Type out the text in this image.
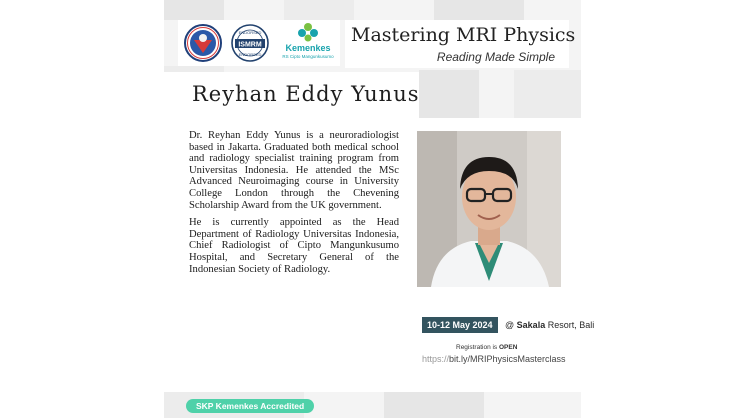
ISMRM
ENDORSED
ENDORSED
Kemenkes
RS Cipto Mangunkusumo
Mastering MRI Physics
Reading Made Simple
Reyhan Eddy Yunus

Dr. Reyhan Eddy Yunus is a neuroradiologist based in Jakarta. Graduated both medical school and radiology specialist training program from Universitas Indonesia. He attended the MSc Advanced Neuroimaging course in University College London through the Chevening Scholarship Award from the UK government.

He is currently appointed as the Head Department of Radiology Universitas Indonesia, Chief Radiologist of Cipto Mangunkusumo Hospital, and Secretary General of the Indonesian Society of Radiology.

10-12 May 2024 @ Sakala Resort, Bali
Registration is OPEN
https://bit.ly/MRIPhysicsMasterclass
SKP Kemenkes Accredited
